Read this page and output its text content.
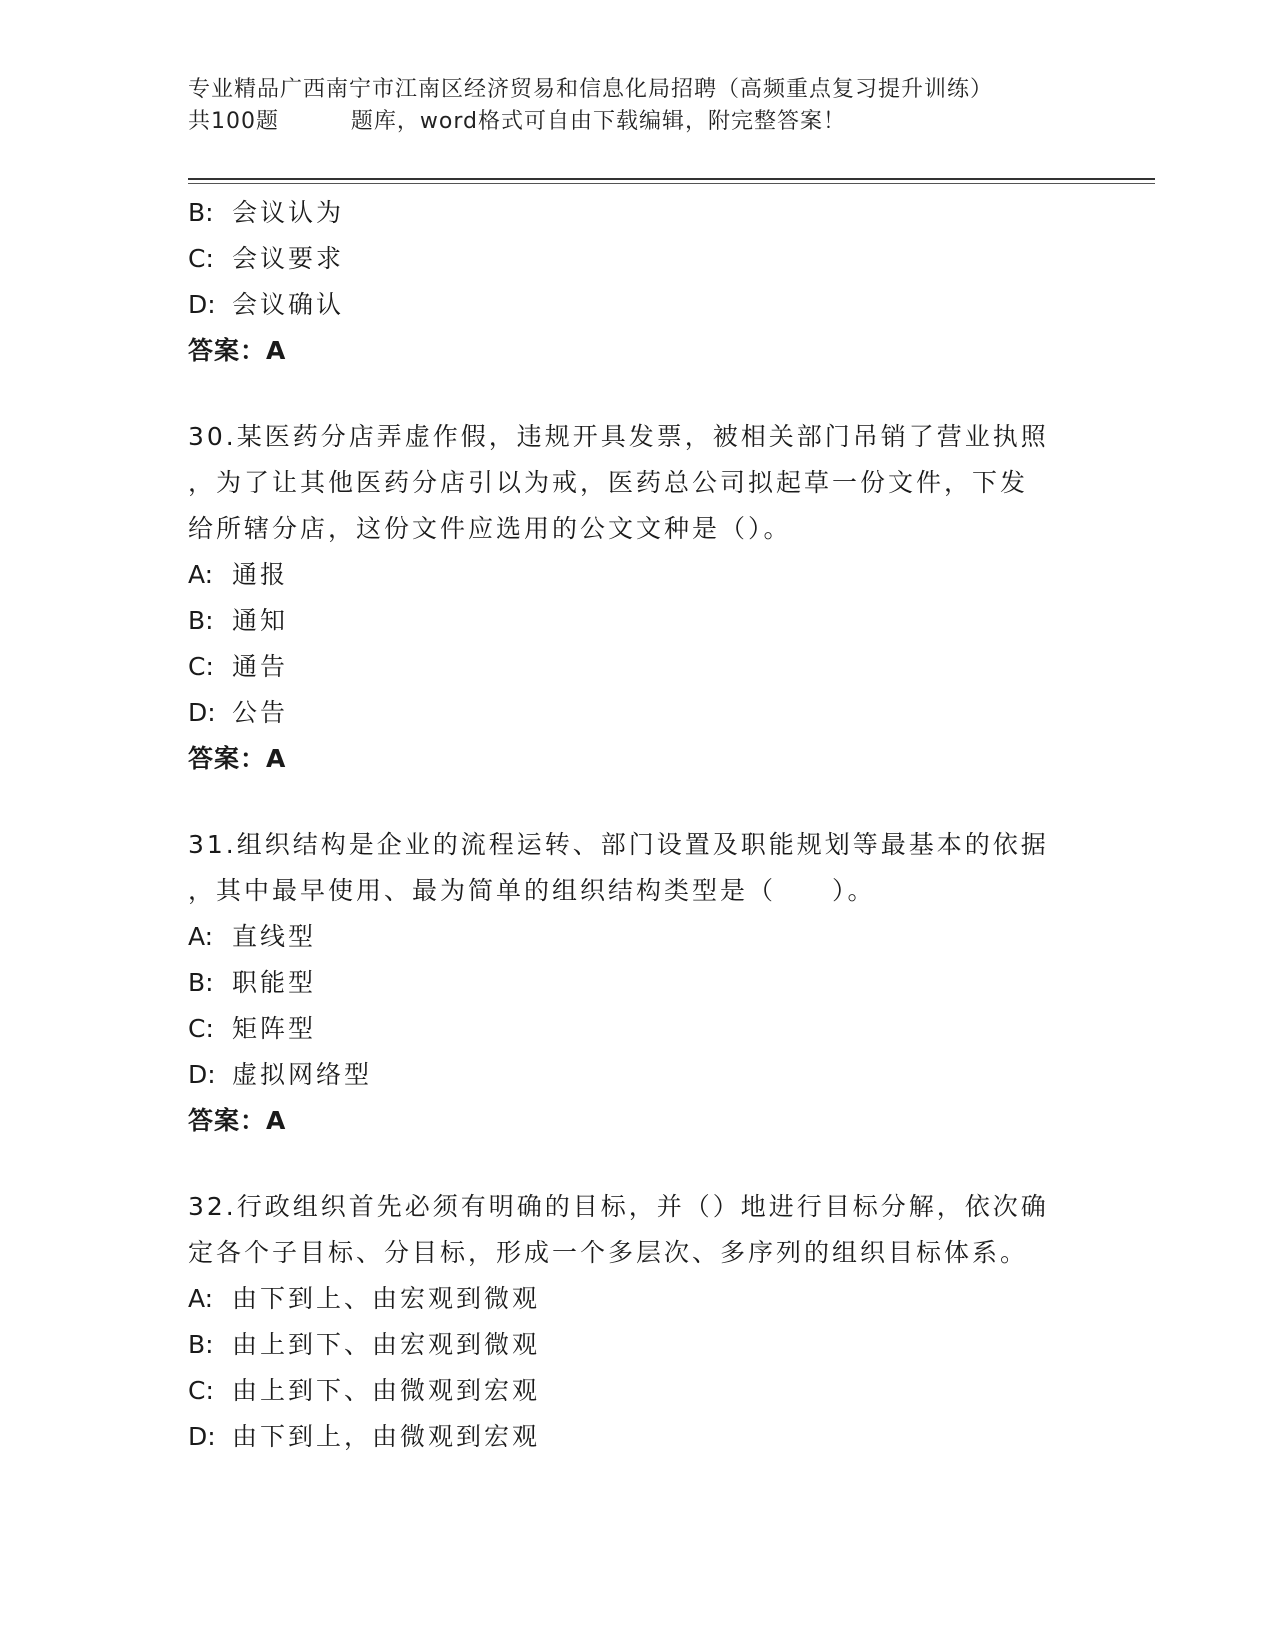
专业精品广西南宁市江南区经济贸易和信息化局招聘（高频重点复习提升训练）
共100题         题库，word格式可自由下载编辑，附完整答案！
B: 会议认为
C: 会议要求
D: 会议确认
答案：A
30.某医药分店弄虚作假，违规开具发票，被相关部门吊销了营业执照
，为了让其他医药分店引以为戒，医药总公司拟起草一份文件，下发
给所辖分店，这份文件应选用的公文文种是（）。
A: 通报
B: 通知
C: 通告
D: 公告
答案：A
31.组织结构是企业的流程运转、部门设置及职能规划等最基本的依据
，其中最早使用、最为简单的组织结构类型是（　　）。
A: 直线型
B: 职能型
C: 矩阵型
D: 虚拟网络型
答案：A
32.行政组织首先必须有明确的目标，并（）地进行目标分解，依次确
定各个子目标、分目标，形成一个多层次、多序列的组织目标体系。
A: 由下到上、由宏观到微观
B: 由上到下、由宏观到微观
C: 由上到下、由微观到宏观
D: 由下到上，由微观到宏观
